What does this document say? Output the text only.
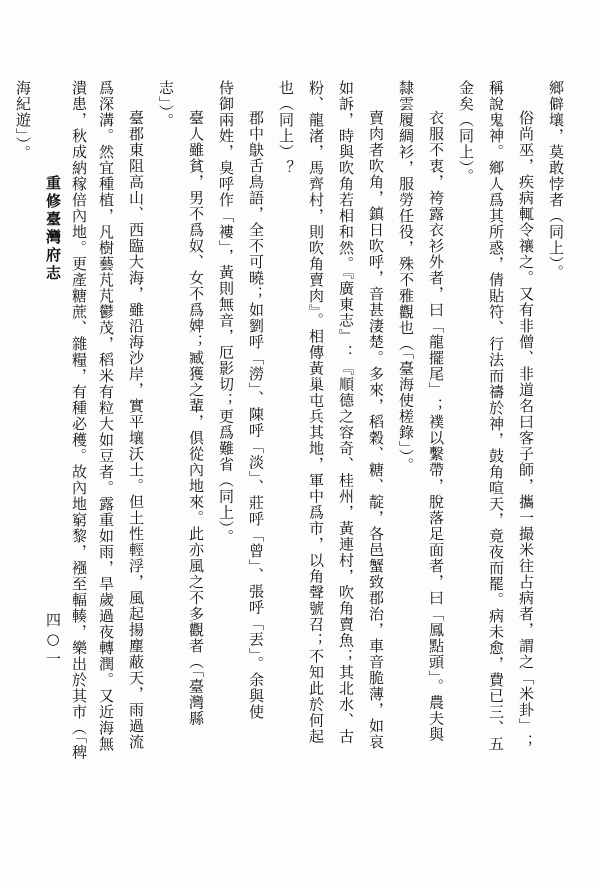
鄉僻壤，莫敢悖者（同上）。
俗尚巫，疾病輒令禳之。又有非僧、非道名曰客子師，攜一撮米往占病者，謂之「米卦」；
稱說鬼神。鄉人爲其所惑，倩貼符、行法而禱於神，鼓角喧天，竟夜而罷。病未愈，費已三、五
金矣（同上）。
衣服不衷，袴露衣衫外者，曰「龍擺尾」；襆以繫帶，脫落足面者，曰「鳳點頭」。農夫與
隸雲履綢衫，服勞任役，殊不雅觀也（「臺海使槎錄」）。
賣肉者吹角，鎮日吹呼，音甚淒楚。多來，稻穀、糖、靛，各邑蟹致郡治，車音脆薄，如哀
如訴，時與吹角若相和然。『廣東志』：『順德之容奇、桂州，黃連村，吹角賣魚；其北水、古
粉、龍渚，馬齊村，則吹角賣肉』。相傳黃巢屯兵其地，軍中爲市，以角聲號召；不知此於何起
也（同上）？
郡中鴃舌鳥語，全不可曉；如劉呼「澇」、陳呼「淡」、莊呼「曾」、張呼「丟」。余與使
侍御兩姓，臭呼作「褸」，黃則無音，厄影切；更爲難省（同上）。
臺人雖貧，男不爲奴、女不爲婢；臧獲之輩，俱從內地來。此亦風之不多觀者（「臺灣縣
志」）。
臺郡東阻高山、西臨大海，雖沿海沙岸，實平壤沃土。但土性輕浮，風起揚塵蔽天，雨過流
爲深溝。然宜種植，凡樹藝芃芃鬱茂，稻米有粒大如豆者。露重如雨，旱歲過夜轉潤。又近海無
潰患，秋成納稼倍內地。更產糖蔗、雜糧，有種必穫。故內地窮黎，襁至輻輳，樂出於其市（「稗
海紀遊」）。
重修臺灣府志
四○一
